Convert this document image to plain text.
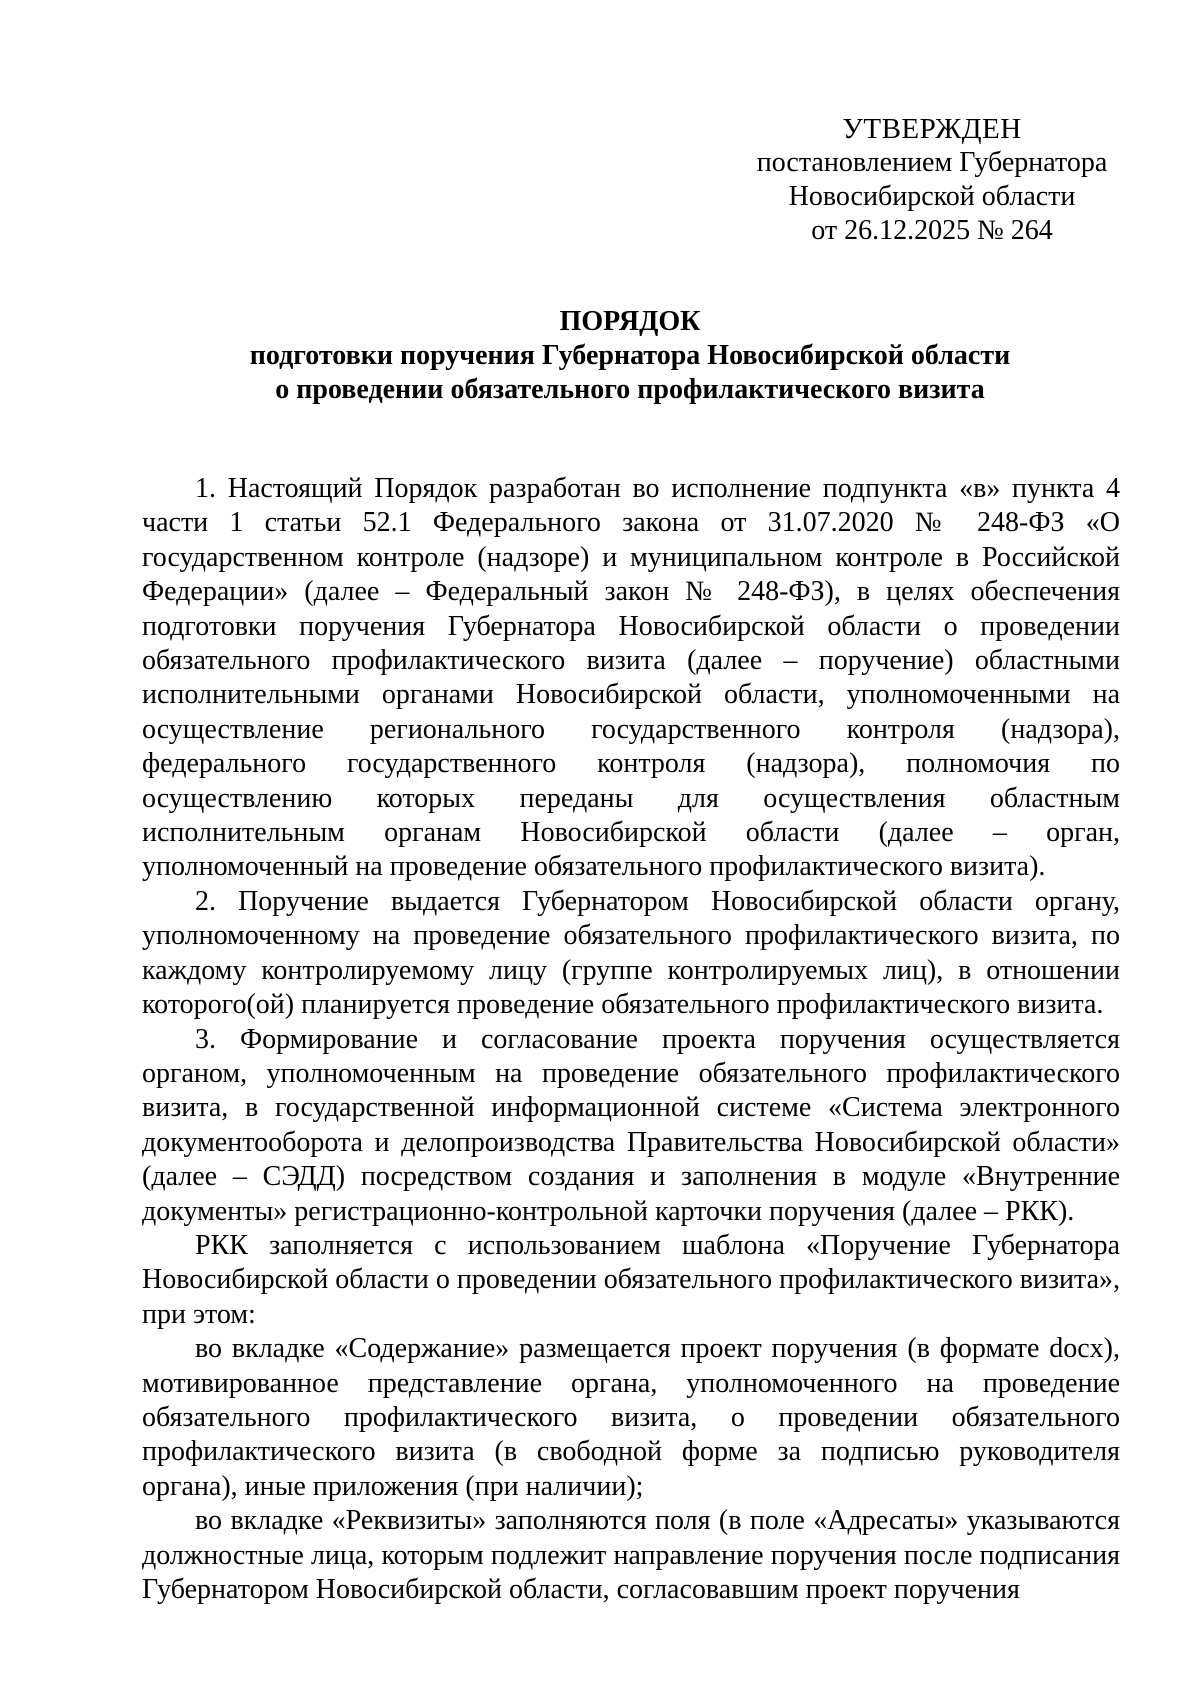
УТВЕРЖДЕН
постановлением Губернатора
Новосибирской области
от 26.12.2025 № 264
ПОРЯДОК
подготовки поручения Губернатора Новосибирской области
о проведении обязательного профилактического визита

1. Настоящий Порядок разработан во исполнение подпункта «в» пункта 4 части 1 статьи 52.1 Федерального закона от 31.07.2020 № 248-ФЗ «О государственном контроле (надзоре) и муниципальном контроле в Российской Федерации» (далее – Федеральный закон № 248-ФЗ), в целях обеспечения подготовки поручения Губернатора Новосибирской области о проведении обязательного профилактического визита (далее – поручение) областными исполнительными органами Новосибирской области, уполномоченными на осуществление регионального государственного контроля (надзора), федерального государственного контроля (надзора), полномочия по осуществлению которых переданы для осуществления областным исполнительным органам Новосибирской области (далее – орган, уполномоченный на проведение обязательного профилактического визита).

2. Поручение выдается Губернатором Новосибирской области органу, уполномоченному на проведение обязательного профилактического визита, по каждому контролируемому лицу (группе контролируемых лиц), в отношении которого(ой) планируется проведение обязательного профилактического визита.

3. Формирование и согласование проекта поручения осуществляется органом, уполномоченным на проведение обязательного профилактического визита, в государственной информационной системе «Система электронного документооборота и делопроизводства Правительства Новосибирской области» (далее – СЭДД) посредством создания и заполнения в модуле «Внутренние документы» регистрационно-контрольной карточки поручения (далее – РКК).

РКК заполняется с использованием шаблона «Поручение Губернатора Новосибирской области о проведении обязательного профилактического визита», при этом:

во вкладке «Содержание» размещается проект поручения (в формате docx), мотивированное представление органа, уполномоченного на проведение обязательного профилактического визита, о проведении обязательного профилактического визита (в свободной форме за подписью руководителя органа), иные приложения (при наличии);

во вкладке «Реквизиты» заполняются поля (в поле «Адресаты» указываются должностные лица, которым подлежит направление поручения после подписания Губернатором Новосибирской области, согласовавшим проект поручения
